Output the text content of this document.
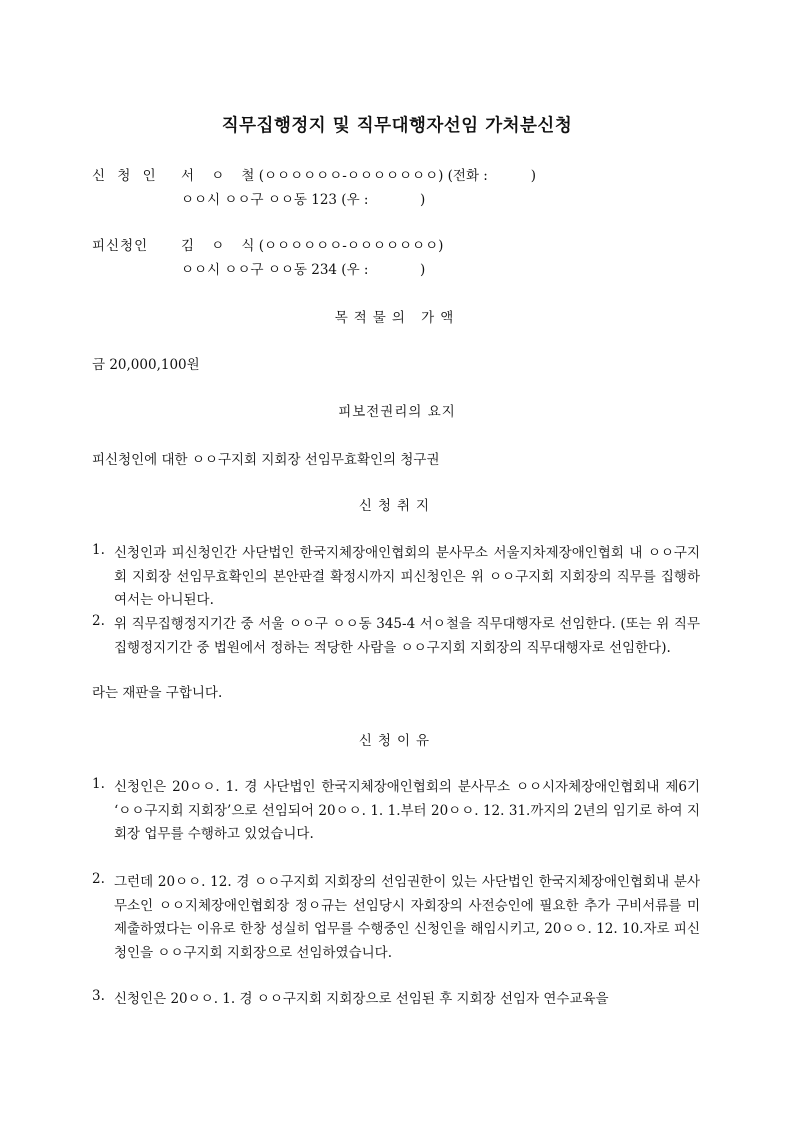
직무집행정지 및 직무대행자선임 가처분신청
신 청 인 서    ㅇ    철 (ㅇㅇㅇㅇㅇㅇ-ㅇㅇㅇㅇㅇㅇㅇ) (전화 :          )
ㅇㅇ시 ㅇㅇ구 ㅇㅇ동 123 (우 :            )
피신청인 김    ㅇ    식 (ㅇㅇㅇㅇㅇㅇ-ㅇㅇㅇㅇㅇㅇㅇ)
ㅇㅇ시 ㅇㅇ구 ㅇㅇ동 234 (우 :            )
목적물의 가액
금 20,000,100원
피보전권리의 요지
피신청인에 대한 ㅇㅇ구지회 지회장 선임무효확인의 청구권
신청취지
1. 신청인과 피신청인간 사단법인 한국지체장애인협회의 분사무소 서울지차제장애인협회 내 ㅇㅇ구지회 지회장 선임무효확인의 본안판결 확정시까지 피신청인은 위 ㅇㅇ구지회 지회장의 직무를 집행하여서는 아니된다.
2. 위 직무집행정지기간 중 서울 ㅇㅇ구 ㅇㅇ동 345-4 서ㅇ철을 직무대행자로 선임한다. (또는 위 직무집행정지기간 중 법원에서 정하는 적당한 사람을 ㅇㅇ구지회 지회장의 직무대행자로 선임한다).
라는 재판을 구합니다.
신청이유
1. 신청인은 20ㅇㅇ. 1. 경 사단법인 한국지체장애인협회의 분사무소 ㅇㅇ시자체장애인협회내 제6기 ‘ㅇㅇ구지회 지회장’으로 선임되어 20ㅇㅇ. 1. 1.부터 20ㅇㅇ. 12. 31.까지의 2년의 임기로 하여 지회장 업무를 수행하고 있었습니다.
2. 그런데 20ㅇㅇ. 12. 경 ㅇㅇ구지회 지회장의 선임권한이 있는 사단법인 한국지체장애인협회내 분사무소인 ㅇㅇ지체장애인협회장 정ㅇ규는 선임당시 자회장의 사전승인에 필요한 추가 구비서류를 미제출하였다는 이유로 한창 성실히 업무를 수행중인 신청인을 해임시키고, 20ㅇㅇ. 12. 10.자로 피신청인을 ㅇㅇ구지회 지회장으로 선임하였습니다.
3. 신청인은 20ㅇㅇ. 1. 경 ㅇㅇ구지회 지회장으로 선임된 후 지회장 선임자 연수교육을
